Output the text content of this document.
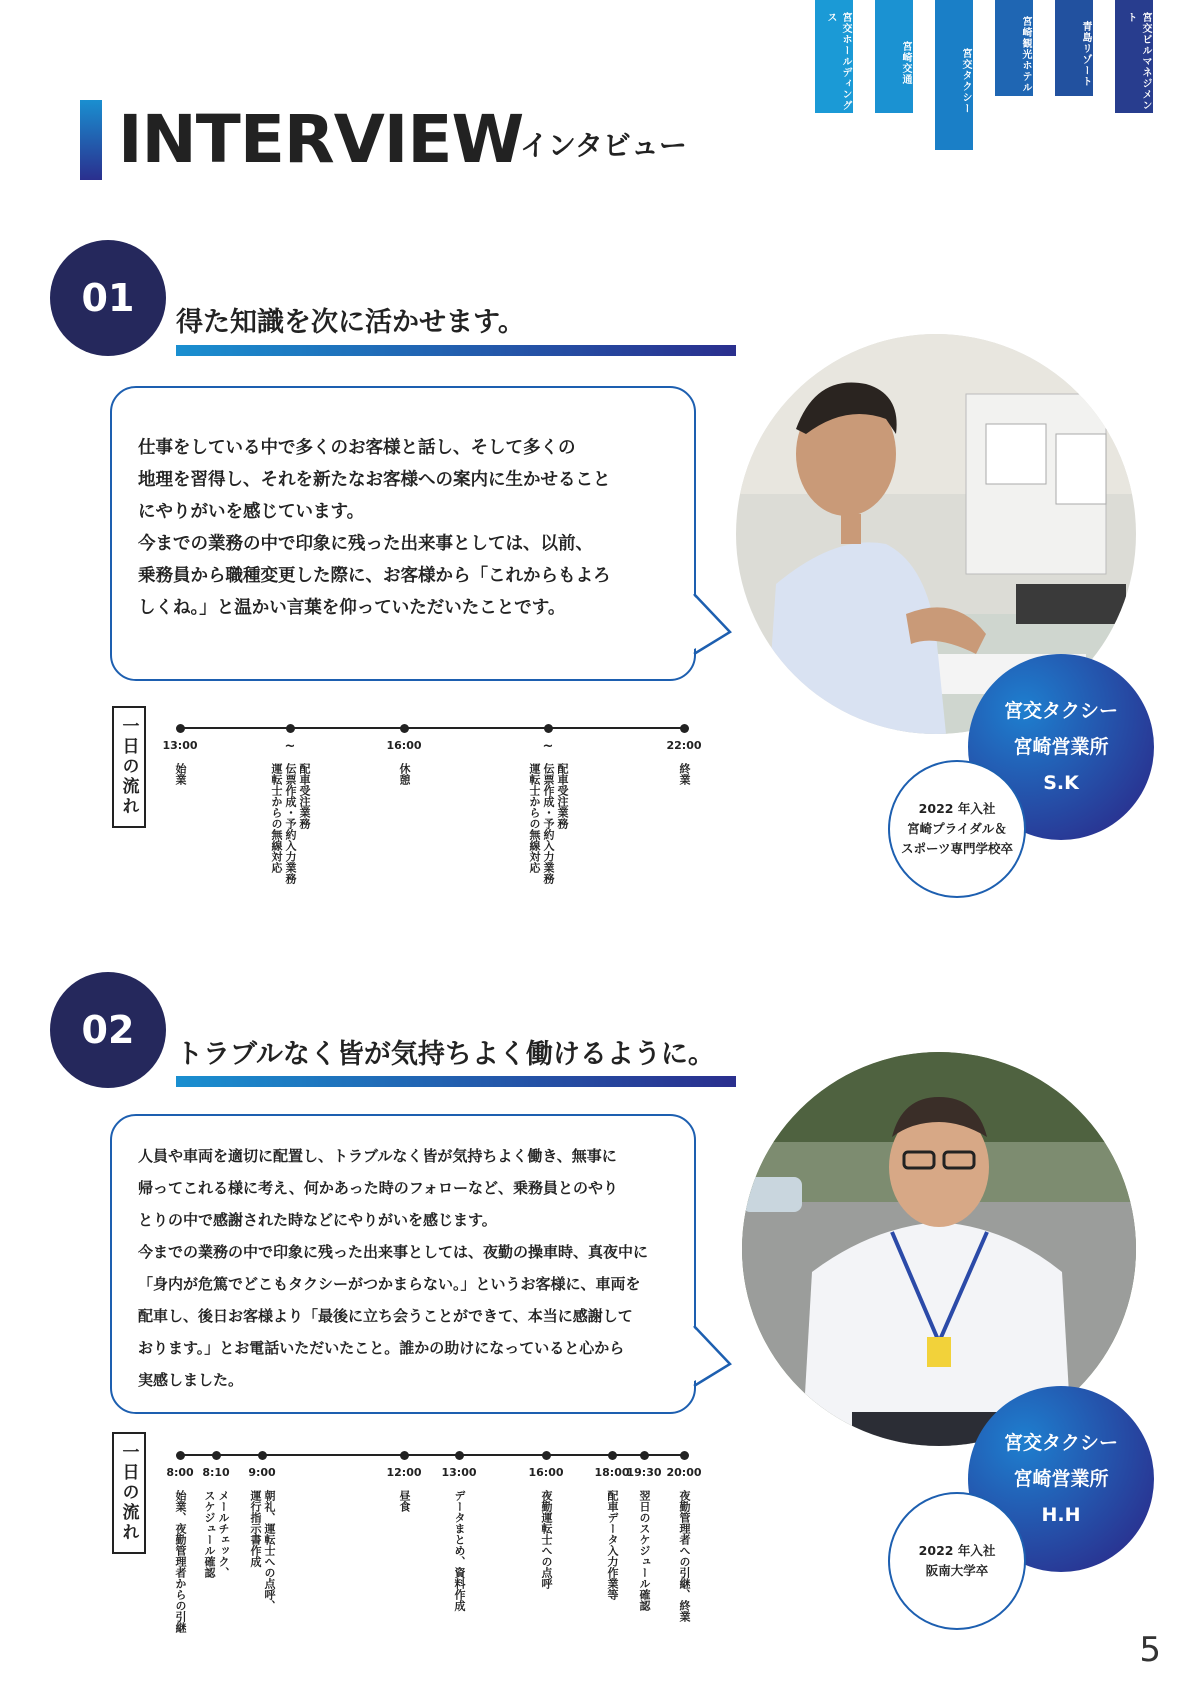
宮交ホールディングス
宮崎交通	宮交タクシー	宮崎観光ホテル	青島リゾート	宮交ビルマネジメント
INTERVIEW
インタビュー
01
得た知識を次に活かせます。

仕事をしている中で多くのお客様と話し、そして多くの

地理を習得し、それを新たなお客様への案内に生かせること

にやりがいを感じています。

今までの業務の中で印象に残った出来事としては、以前、

乗務員から職種変更した際に、お客様から「これからもよろ

しくね。」と温かい言葉を仰っていただいたことです。

宮交タクシー
宮崎営業所
S.K
2022 年入社
宮崎プライダル＆
スポーツ専門学校卒
一日の流れ	13:00
始業
~
配車受注業務
伝票作成・予約入力業務
運転士からの無線対応
16:00
休憩
~
配車受注業務
伝票作成・予約入力業務
運転士からの無線対応
22:00
終業
02
トラブルなく皆が気持ちよく働けるように。

人員や車両を適切に配置し、トラブルなく皆が気持ちよく働き、無事に

帰ってこれる様に考え、何かあった時のフォローなど、乗務員とのやり

とりの中で感謝された時などにやりがいを感じます。

今までの業務の中で印象に残った出来事としては、夜勤の操車時、真夜中に

「身内が危篤でどこもタクシーがつかまらない。」というお客様に、車両を

配車し、後日お客様より「最後に立ち会うことができて、本当に感謝して

おります。」とお電話いただいたこと。誰かの助けになっていると心から

実感しました。

宮交タクシー
宮崎営業所
H.H
2022 年入社
阪南大学卒
一日の流れ	8:00
始業、夜勤管理者からの引継
8:10
メールチェック、
スケジュール確認
9:00
朝礼、運転士への点呼、
運行指示書作成
12:00
昼食
13:00
データまとめ、資料作成
16:00
夜勤運転士への点呼
18:00
配車データ入力作業等
19:30
翌日のスケジュール確認
20:00
夜勤管理者への引継、終業
5
